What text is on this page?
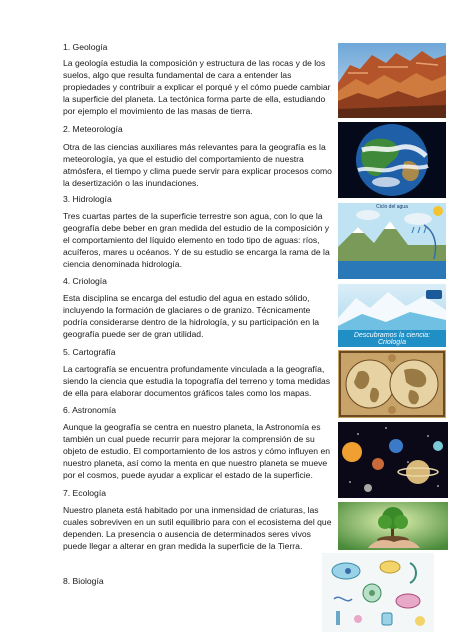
1. Geología
La geología estudia la composición y estructura de las rocas y de los suelos, algo que resulta fundamental de cara a entender las propiedades y contribuir a explicar el porqué y el cómo puede cambiar la superficie del planeta. La tectónica forma parte de ella, estudiando por ejemplo el movimiento de las masas de tierra.
2. Meteorología
Otra de las ciencias auxiliares más relevantes para la geografía es la meteorología, ya que el estudio del comportamiento de nuestra atmósfera, el tiempo y clima puede servir para explicar procesos como la desertización o las inundaciones.
3. Hidrología
Tres cuartas partes de la superficie terrestre son agua, con lo que la geografía debe beber en gran medida del estudio de la composición y el comportamiento del líquido elemento en todo tipo de aguas: ríos, acuíferos, mares u océanos. Y de su estudio se encarga la rama de la ciencia denominada hidrología.
4. Criología
Esta disciplina se encarga del estudio del agua en estado sólido, incluyendo la formación de glaciares o de granizo. Técnicamente podría considerarse dentro de la hidrología, y su participación en la geografía puede ser de gran utilidad.
5. Cartografía
La cartografía se encuentra profundamente vinculada a la geografía, siendo la ciencia que estudia la topografía del terreno y toma medidas de ella para elaborar documentos gráficos tales como los mapas.
6. Astronomía
Aunque la geografía se centra en nuestro planeta, la Astronomía es también un cual puede recurrir para mejorar la comprensión de su objeto de estudio. El comportamiento de los astros y cómo influyen en nuestro planeta, así como la menta en que nuestro planeta se mueve por el cosmos, puede ayudar a explicar el estado de la superficie.
7. Ecología
Nuestro planeta está habitado por una inmensidad de criaturas, las cuales sobreviven en un sutil equilibrio para con el ecosistema del que dependen. La presencia o ausencia de determinados seres vivos puede llegar a alterar en gran medida la superficie de la Tierra.
8. Biología
Ciclo del agua
Descubramos la ciencia: Criología
